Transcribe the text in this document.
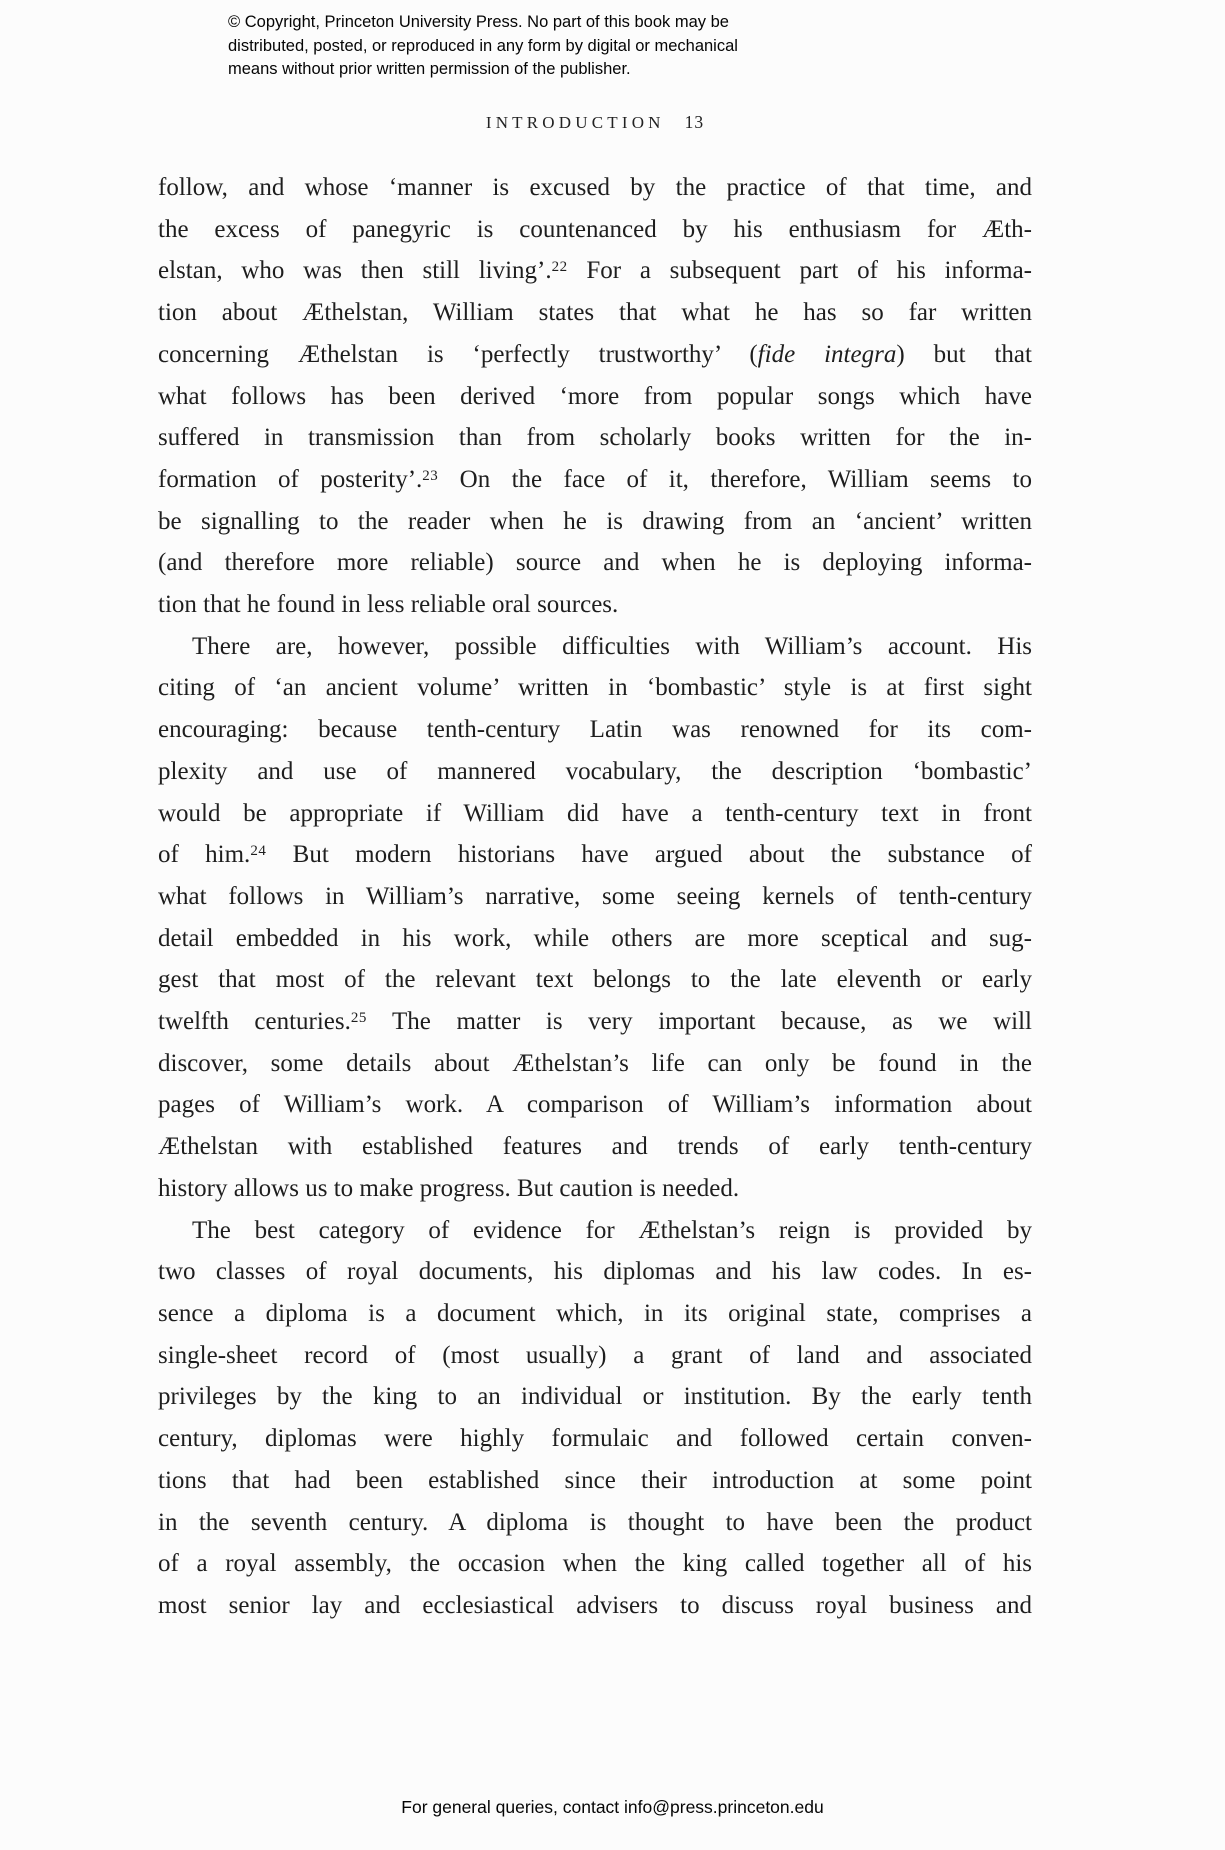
© Copyright, Princeton University Press. No part of this book may be
distributed, posted, or reproduced in any form by digital or mechanical
means without prior written permission of the publisher.
INTRODUCTION 13
follow, and whose ‘manner is excused by the practice of that time, and
the excess of panegyric is countenanced by his enthusiasm for Æth-
elstan, who was then still living’.$^{22}$ For a subsequent part of his informa-
tion about Æthelstan, William states that what he has so far written
concerning Æthelstan is ‘perfectly trustworthy’ (fide integra) but that
what follows has been derived ‘more from popular songs which have
suffered in transmission than from scholarly books written for the in-
formation of posterity’.$^{23}$ On the face of it, therefore, William seems to
be signalling to the reader when he is drawing from an ‘ancient’ written
(and therefore more reliable) source and when he is deploying informa-
tion that he found in less reliable oral sources.
There are, however, possible difficulties with William’s account. His
citing of ‘an ancient volume’ written in ‘bombastic’ style is at first sight
encouraging: because tenth-century Latin was renowned for its com-
plexity and use of mannered vocabulary, the description ‘bombastic’
would be appropriate if William did have a tenth-century text in front
of him.$^{24}$ But modern historians have argued about the substance of
what follows in William’s narrative, some seeing kernels of tenth-century
detail embedded in his work, while others are more sceptical and sug-
gest that most of the relevant text belongs to the late eleventh or early
twelfth centuries.$^{25}$ The matter is very important because, as we will
discover, some details about Æthelstan’s life can only be found in the
pages of William’s work. A comparison of William’s information about
Æthelstan with established features and trends of early tenth-century
history allows us to make progress. But caution is needed.
The best category of evidence for Æthelstan’s reign is provided by
two classes of royal documents, his diplomas and his law codes. In es-
sence a diploma is a document which, in its original state, comprises a
single-sheet record of (most usually) a grant of land and associated
privileges by the king to an individual or institution. By the early tenth
century, diplomas were highly formulaic and followed certain conven-
tions that had been established since their introduction at some point
in the seventh century. A diploma is thought to have been the product
of a royal assembly, the occasion when the king called together all of his
most senior lay and ecclesiastical advisers to discuss royal business and
For general queries, contact info@press.princeton.edu
